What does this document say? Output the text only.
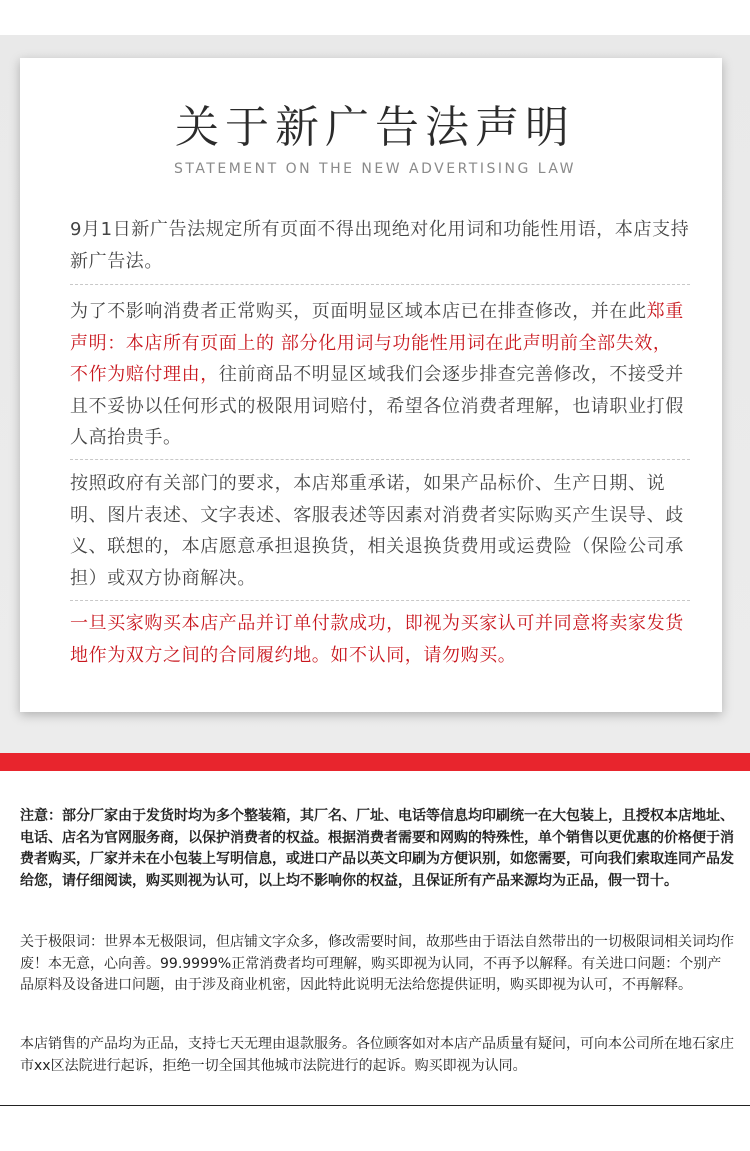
关于新广告法声明
STATEMENT ON THE NEW ADVERTISING LAW

9月1日新广告法规定所有页面不得出现绝对化用词和功能性用语，本店支持新广告法。

为了不影响消费者正常购买，页面明显区域本店已在排查修改，并在此郑重声明：本店所有页面上的 部分化用词与功能性用词在此声明前全部失效，不作为赔付理由，往前商品不明显区域我们会逐步排查完善修改，不接受并且不妥协以任何形式的极限用词赔付，希望各位消费者理解，也请职业打假人高抬贵手。

按照政府有关部门的要求，本店郑重承诺，如果产品标价、生产日期、说明、图片表述、文字表述、客服表述等因素对消费者实际购买产生误导、歧义、联想的，本店愿意承担退换货，相关退换货费用或运费险（保险公司承担）或双方协商解决。

一旦买家购买本店产品并订单付款成功，即视为买家认可并同意将卖家发货地作为双方之间的合同履约地。如不认同，请勿购买。

注意：部分厂家由于发货时均为多个整装箱，其厂名、厂址、电话等信息均印刷统一在大包装上，且授权本店地址、电话、店名为官网服务商，以保护消费者的权益。根据消费者需要和网购的特殊性，单个销售以更优惠的价格便于消费者购买，厂家并未在小包装上写明信息，或进口产品以英文印刷为方便识别，如您需要，可向我们索取连同产品发给您，请仔细阅读，购买则视为认可，以上均不影响你的权益，且保证所有产品来源均为正品，假一罚十。

关于极限词：世界本无极限词，但店铺文字众多，修改需要时间，故那些由于语法自然带出的一切极限词相关词均作废！本无意，心向善。99.9999%正常消费者均可理解，购买即视为认同，不再予以解释。有关进口问题：个别产品原料及设备进口问题，由于涉及商业机密，因此特此说明无法给您提供证明，购买即视为认可，不再解释。

本店销售的产品均为正品，支持七天无理由退款服务。各位顾客如对本店产品质量有疑问，可向本公司所在地石家庄市xx区法院进行起诉，拒绝一切全国其他城市法院进行的起诉。购买即视为认同。
